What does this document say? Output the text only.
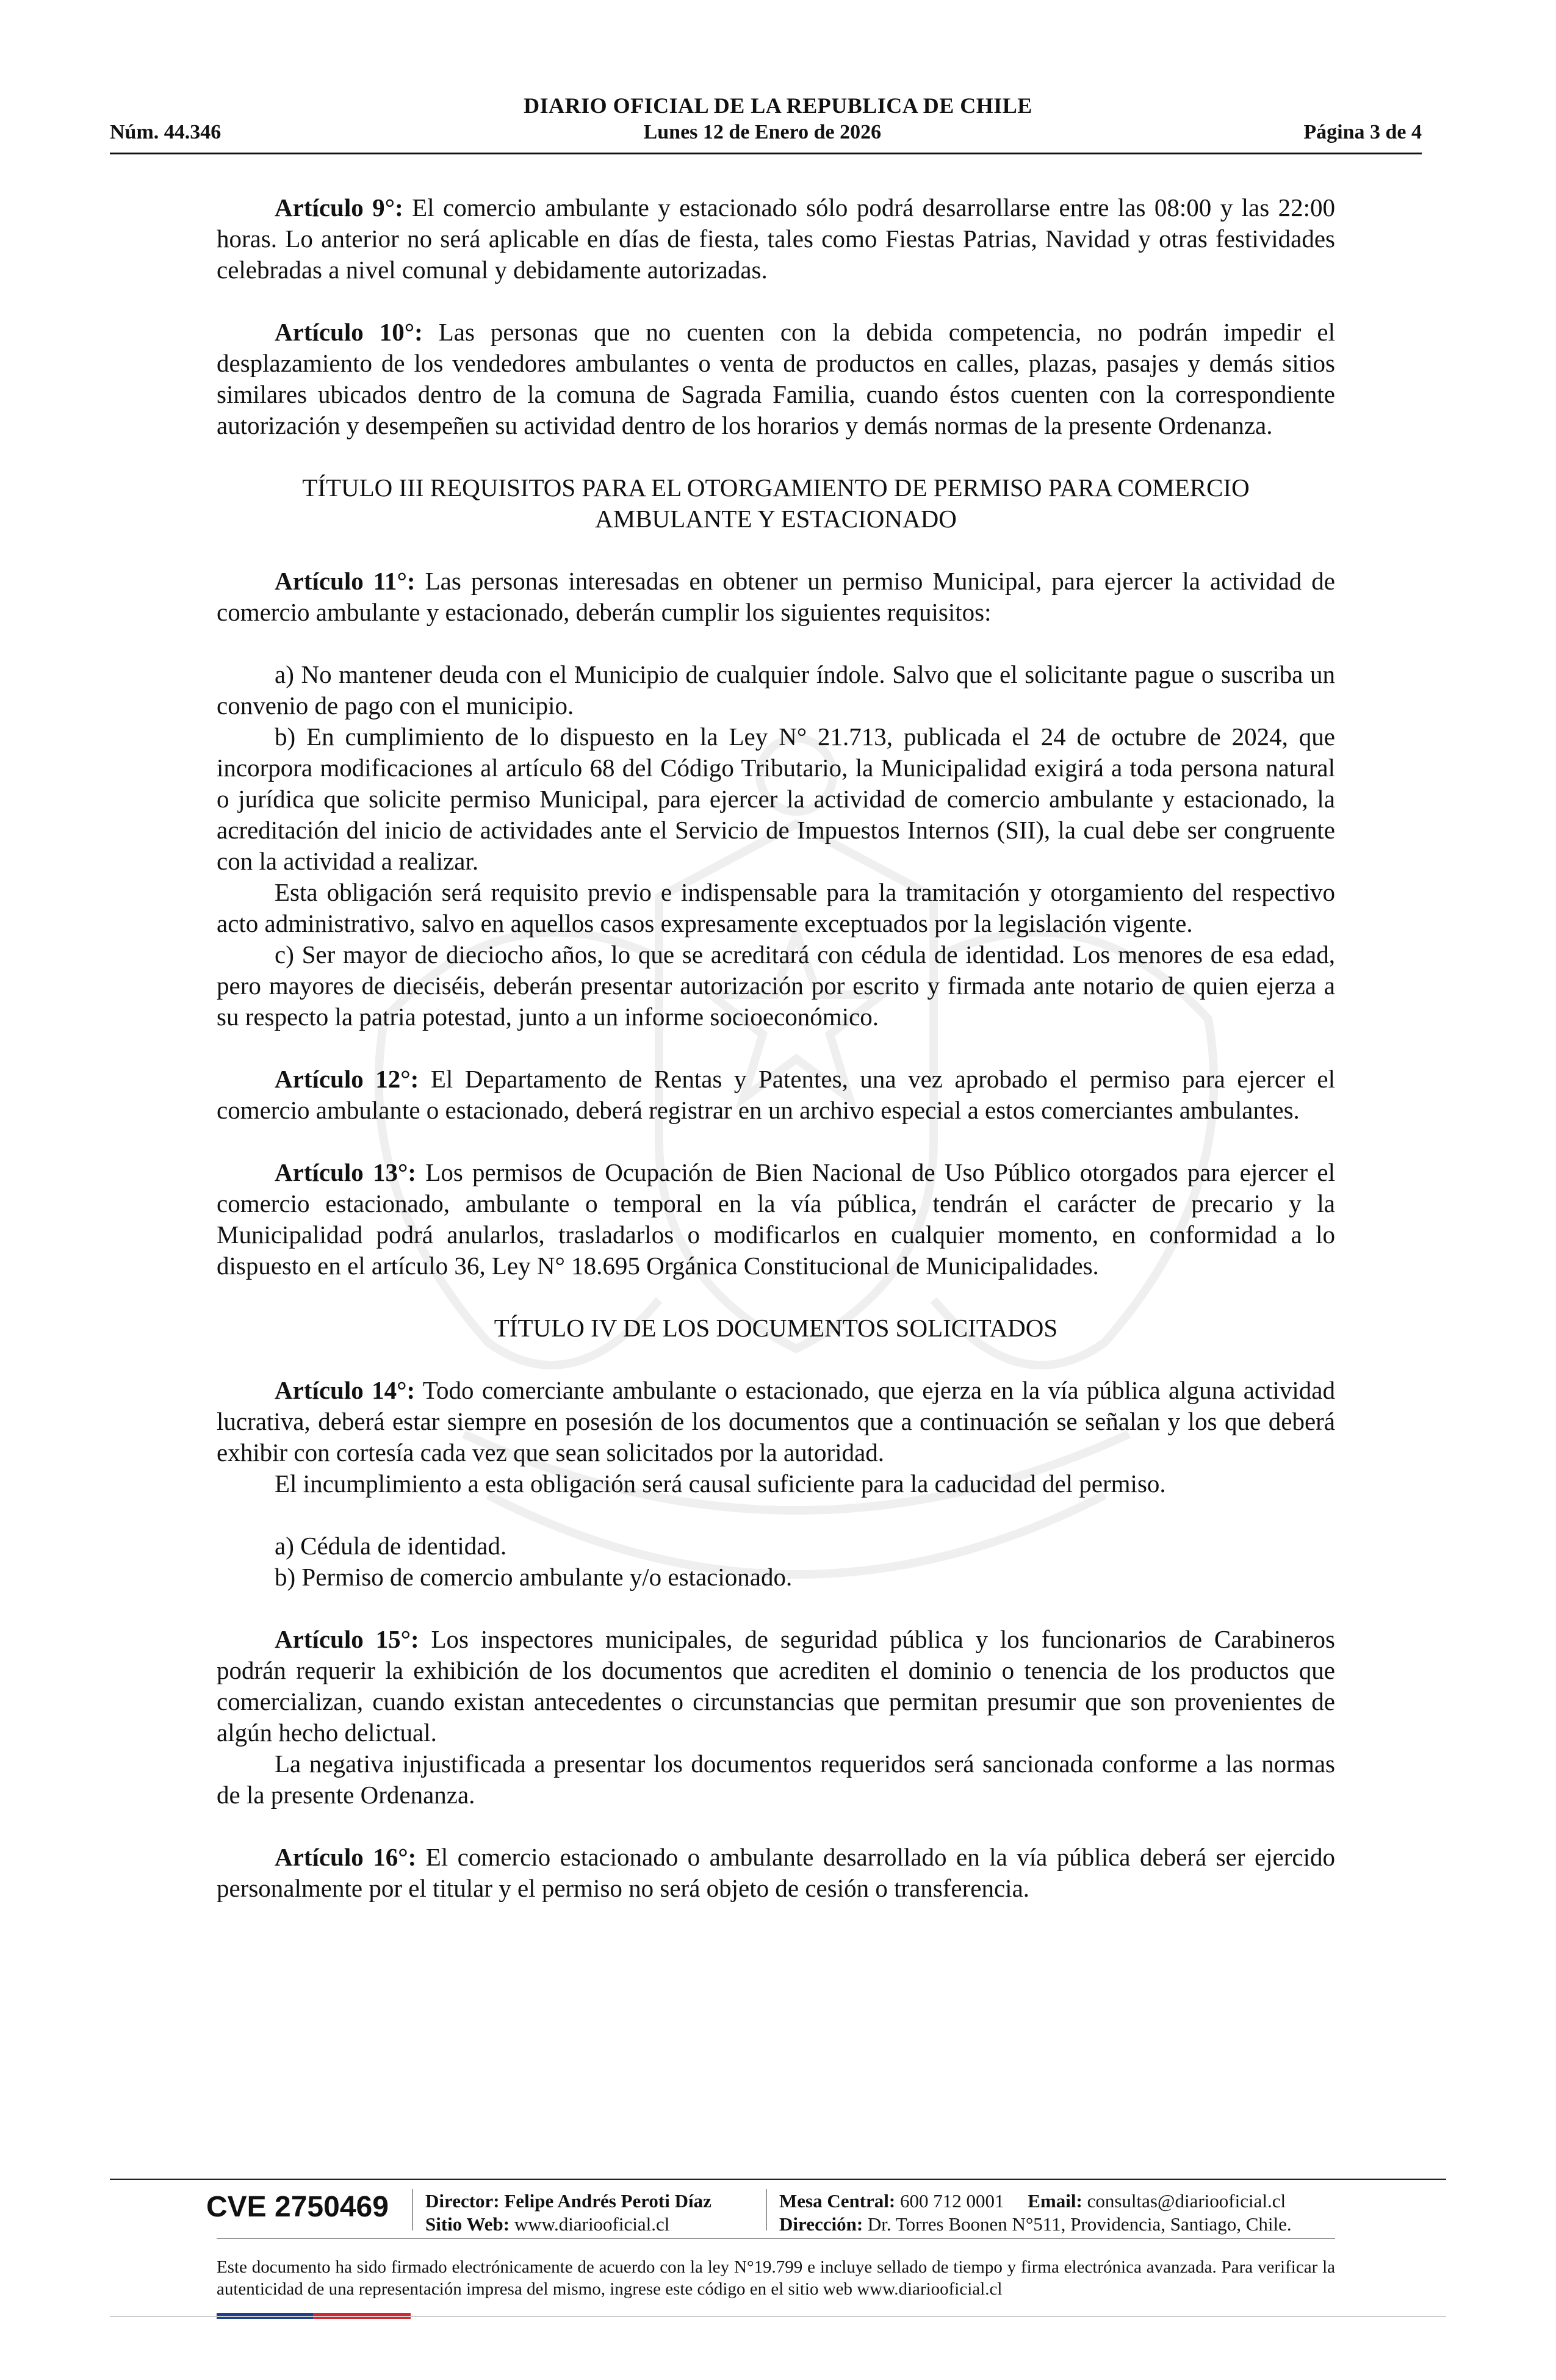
DIARIO OFICIAL DE LA REPUBLICA DE CHILE
Núm. 44.346	Lunes 12 de Enero de 2026	Página 3 de 4

Artículo 9°: El comercio ambulante y estacionado sólo podrá desarrollarse entre las 08:00 y las 22:00 horas. Lo anterior no será aplicable en días de fiesta, tales como Fiestas Patrias, Navidad y otras festividades celebradas a nivel comunal y debidamente autorizadas.

Artículo 10°: Las personas que no cuenten con la debida competencia, no podrán impedir el desplazamiento de los vendedores ambulantes o venta de productos en calles, plazas, pasajes y demás sitios similares ubicados dentro de la comuna de Sagrada Familia, cuando éstos cuenten con la correspondiente autorización y desempeñen su actividad dentro de los horarios y demás normas de la presente Ordenanza.

TÍTULO III REQUISITOS PARA EL OTORGAMIENTO DE PERMISO PARA COMERCIO

AMBULANTE Y ESTACIONADO

Artículo 11°: Las personas interesadas en obtener un permiso Municipal, para ejercer la actividad de comercio ambulante y estacionado, deberán cumplir los siguientes requisitos:

a) No mantener deuda con el Municipio de cualquier índole. Salvo que el solicitante pague o suscriba un convenio de pago con el municipio.

b) En cumplimiento de lo dispuesto en la Ley N° 21.713, publicada el 24 de octubre de 2024, que incorpora modificaciones al artículo 68 del Código Tributario, la Municipalidad exigirá a toda persona natural o jurídica que solicite permiso Municipal, para ejercer la actividad de comercio ambulante y estacionado, la acreditación del inicio de actividades ante el Servicio de Impuestos Internos (SII), la cual debe ser congruente con la actividad a realizar.

Esta obligación será requisito previo e indispensable para la tramitación y otorgamiento del respectivo acto administrativo, salvo en aquellos casos expresamente exceptuados por la legislación vigente.

c) Ser mayor de dieciocho años, lo que se acreditará con cédula de identidad. Los menores de esa edad, pero mayores de dieciséis, deberán presentar autorización por escrito y firmada ante notario de quien ejerza a su respecto la patria potestad, junto a un informe socioeconómico.

Artículo 12°: El Departamento de Rentas y Patentes, una vez aprobado el permiso para ejercer el comercio ambulante o estacionado, deberá registrar en un archivo especial a estos comerciantes ambulantes.

Artículo 13°: Los permisos de Ocupación de Bien Nacional de Uso Público otorgados para ejercer el comercio estacionado, ambulante o temporal en la vía pública, tendrán el carácter de precario y la Municipalidad podrá anularlos, trasladarlos o modificarlos en cualquier momento, en conformidad a lo dispuesto en el artículo 36, Ley N° 18.695 Orgánica Constitucional de Municipalidades.

TÍTULO IV DE LOS DOCUMENTOS SOLICITADOS

Artículo 14°: Todo comerciante ambulante o estacionado, que ejerza en la vía pública alguna actividad lucrativa, deberá estar siempre en posesión de los documentos que a continuación se señalan y los que deberá exhibir con cortesía cada vez que sean solicitados por la autoridad.

El incumplimiento a esta obligación será causal suficiente para la caducidad del permiso.

a) Cédula de identidad.

b) Permiso de comercio ambulante y/o estacionado.

Artículo 15°: Los inspectores municipales, de seguridad pública y los funcionarios de Carabineros podrán requerir la exhibición de los documentos que acrediten el dominio o tenencia de los productos que comercializan, cuando existan antecedentes o circunstancias que permitan presumir que son provenientes de algún hecho delictual.

La negativa injustificada a presentar los documentos requeridos será sancionada conforme a las normas de la presente Ordenanza.

Artículo 16°: El comercio estacionado o ambulante desarrollado en la vía pública deberá ser ejercido personalmente por el titular y el permiso no será objeto de cesión o transferencia.

CVE 2750469 Director: Felipe Andrés Peroti Díaz
Sitio Web: www.diariooficial.cl
Mesa Central: 600 712 0001 Email: consultas@diariooficial.cl
Dirección: Dr. Torres Boonen N°511, Providencia, Santiago, Chile.
Este documento ha sido firmado electrónicamente de acuerdo con la ley N°19.799 e incluye sellado de tiempo y firma electrónica avanzada. Para verificar la autenticidad de una representación impresa del mismo, ingrese este código en el sitio web www.diariooficial.cl
